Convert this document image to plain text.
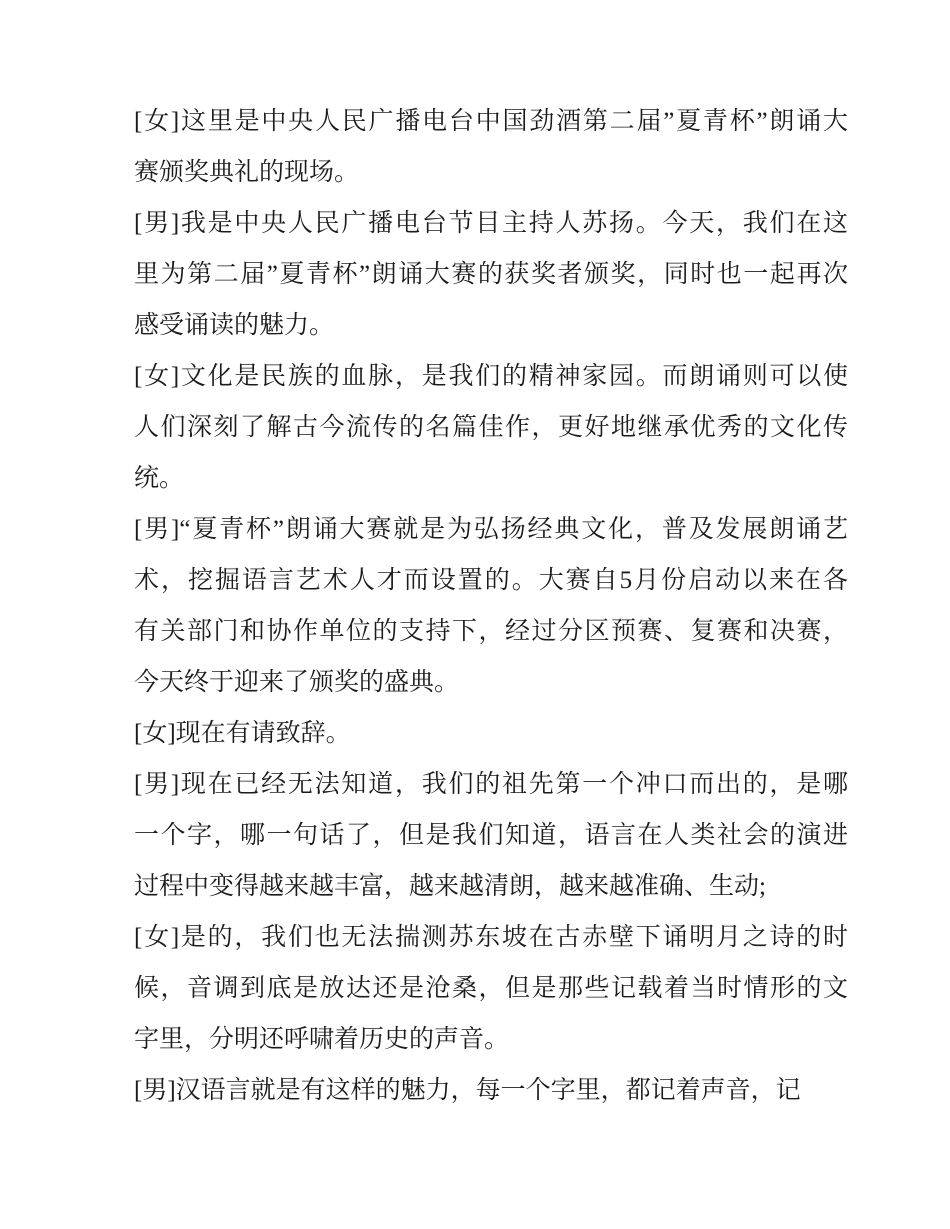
[女]这里是中央人民广播电台中国劲酒第二届”夏青杯”朗诵大
赛颁奖典礼的现场。

[男]我是中央人民广播电台节目主持人苏扬。今天，我们在这
里为第二届”夏青杯”朗诵大赛的获奖者颁奖，同时也一起再次
感受诵读的魅力。

[女]文化是民族的血脉，是我们的精神家园。而朗诵则可以使
人们深刻了解古今流传的名篇佳作，更好地继承优秀的文化传
统。

[男]“夏青杯”朗诵大赛就是为弘扬经典文化，普及发展朗诵艺
术，挖掘语言艺术人才而设置的。大赛自5月份启动以来在各
有关部门和协作单位的支持下，经过分区预赛、复赛和决赛，
今天终于迎来了颁奖的盛典。

[女]现在有请致辞。

[男]现在已经无法知道，我们的祖先第一个冲口而出的，是哪
一个字，哪一句话了，但是我们知道，语言在人类社会的演进
过程中变得越来越丰富，越来越清朗，越来越准确、生动;

[女]是的，我们也无法揣测苏东坡在古赤壁下诵明月之诗的时
候，音调到底是放达还是沧桑，但是那些记载着当时情形的文
字里，分明还呼啸着历史的声音。

[男]汉语言就是有这样的魅力，每一个字里，都记着声音，记
